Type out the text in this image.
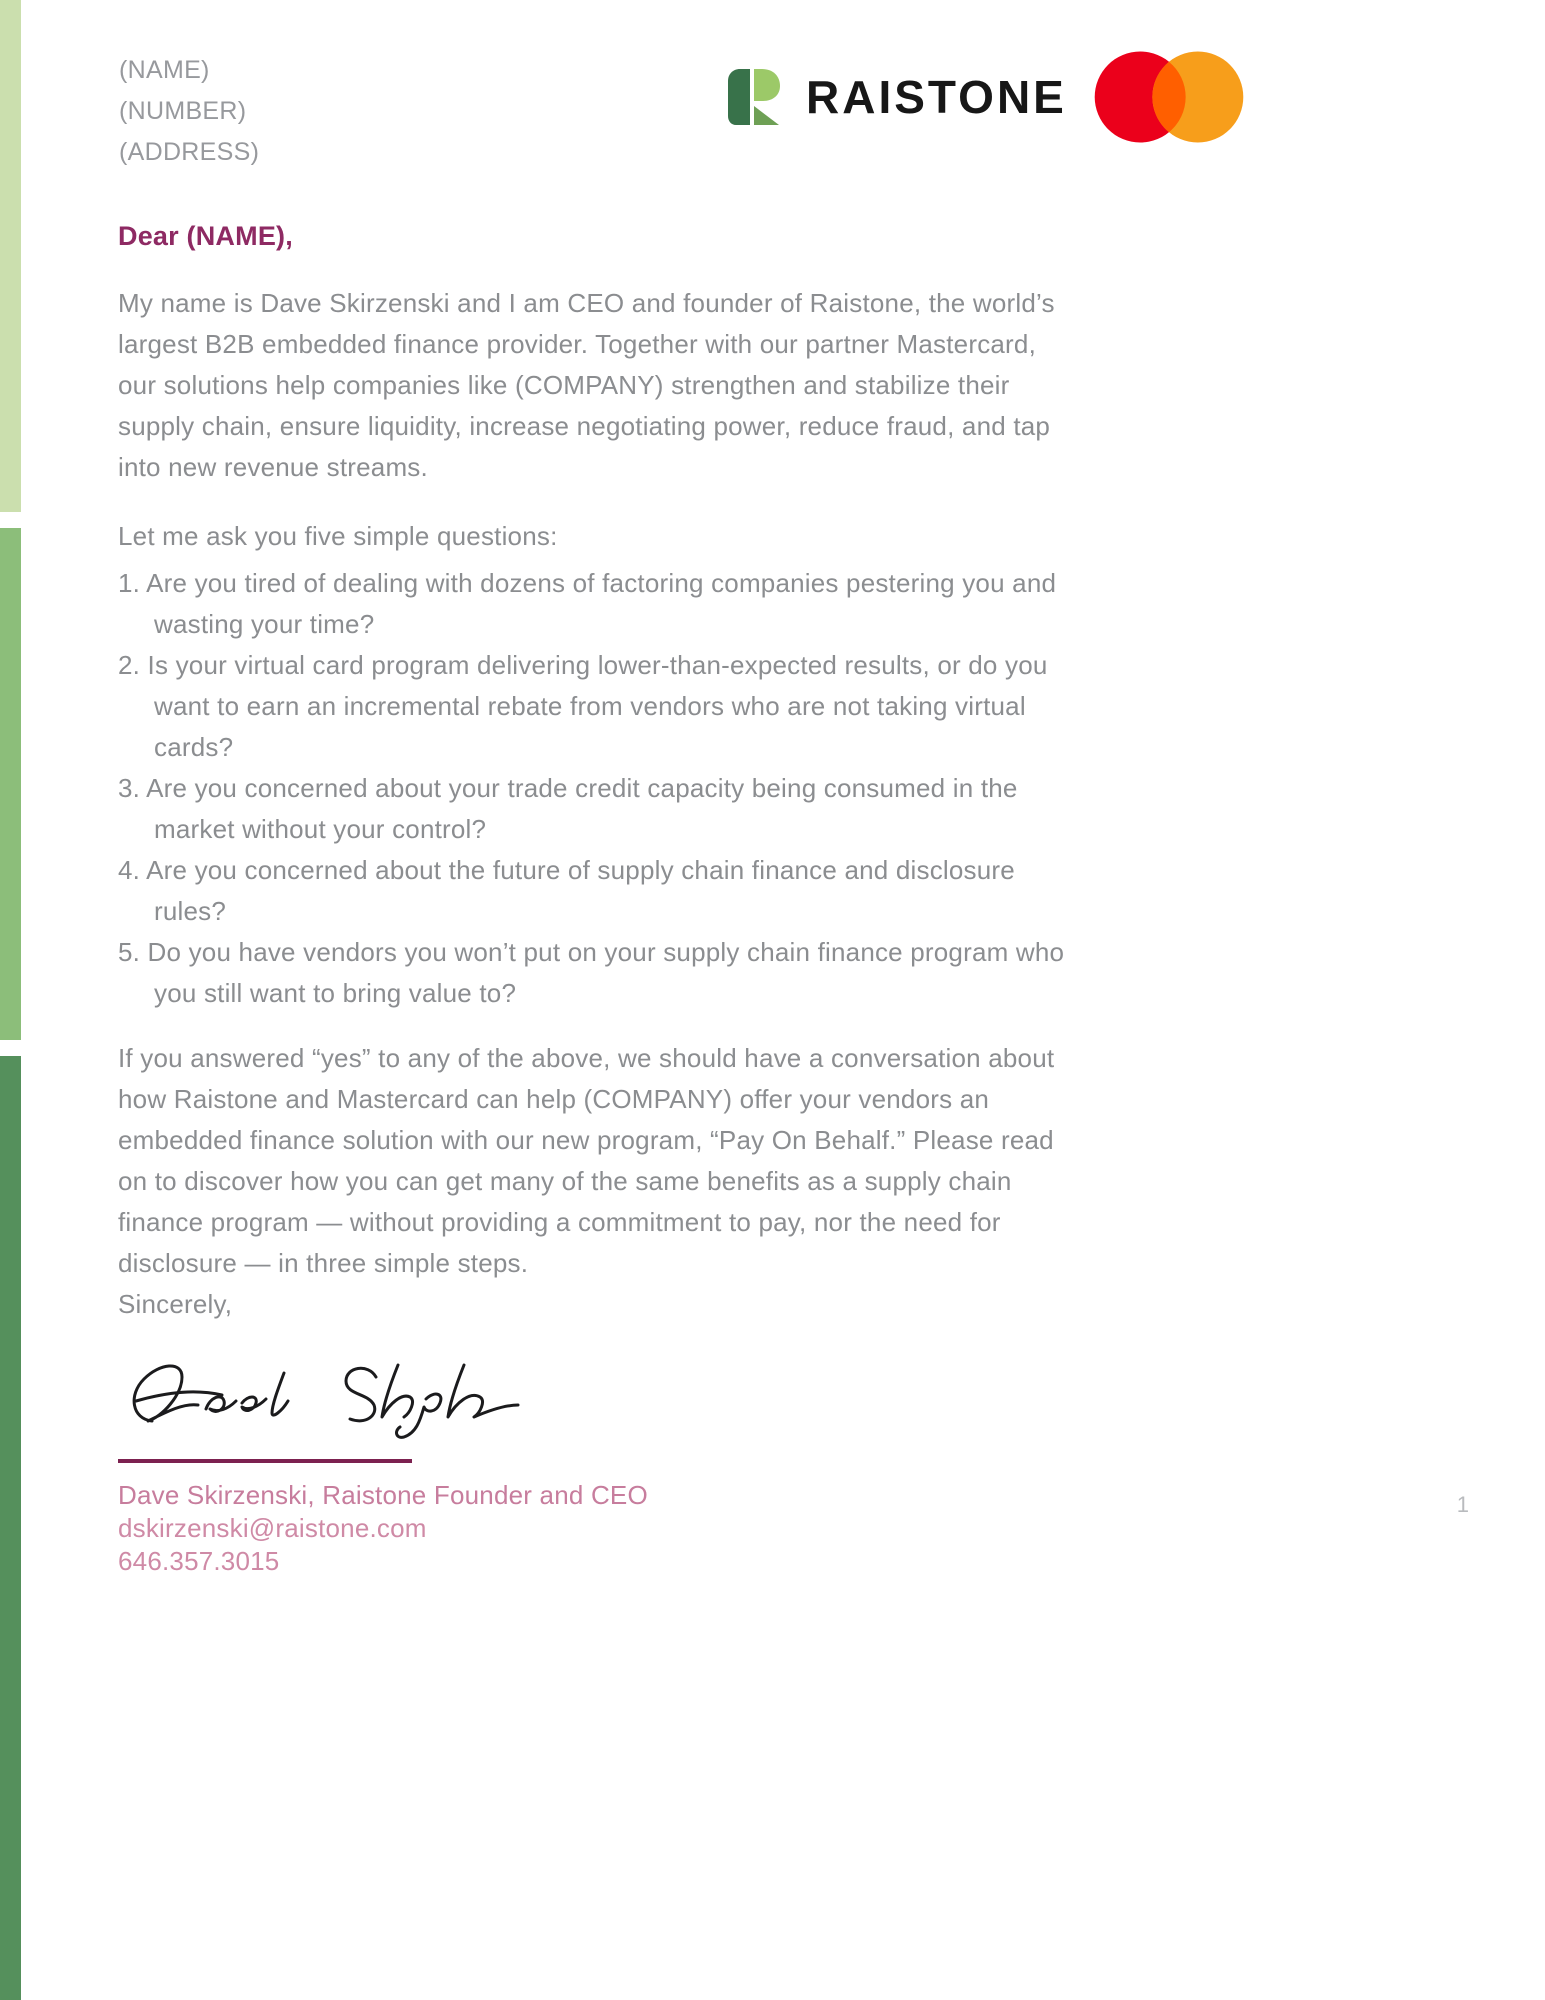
(NAME)
(NUMBER)
(ADDRESS)
RAISTONE
Dear (NAME),

My name is Dave Skirzenski and I am CEO and founder of Raistone, the world’s largest B2B embedded finance provider. Together with our partner Mastercard, our solutions help companies like (COMPANY) strengthen and stabilize their supply chain, ensure liquidity, increase negotiating power, reduce fraud, and tap into new revenue streams.

Let me ask you five simple questions:
1. Are you tired of dealing with dozens of factoring companies pestering you and wasting your time?
2. Is your virtual card program delivering lower-than-expected results, or do you want to earn an incremental rebate from vendors who are not taking virtual cards?
3. Are you concerned about your trade credit capacity being consumed in the market without your control?
4. Are you concerned about the future of supply chain finance and disclosure rules?
5. Do you have vendors you won’t put on your supply chain finance program who you still want to bring value to?

If you answered “yes” to any of the above, we should have a conversation about how Raistone and Mastercard can help (COMPANY) offer your vendors an embedded finance solution with our new program, “Pay On Behalf.” Please read on to discover how you can get many of the same benefits as a supply chain finance program — without providing a commitment to pay, nor the need for disclosure — in three simple steps.

Sincerely,

Dave Skirzenski, Raistone Founder and CEO
dskirzenski@raistone.com
646.357.3015
1
